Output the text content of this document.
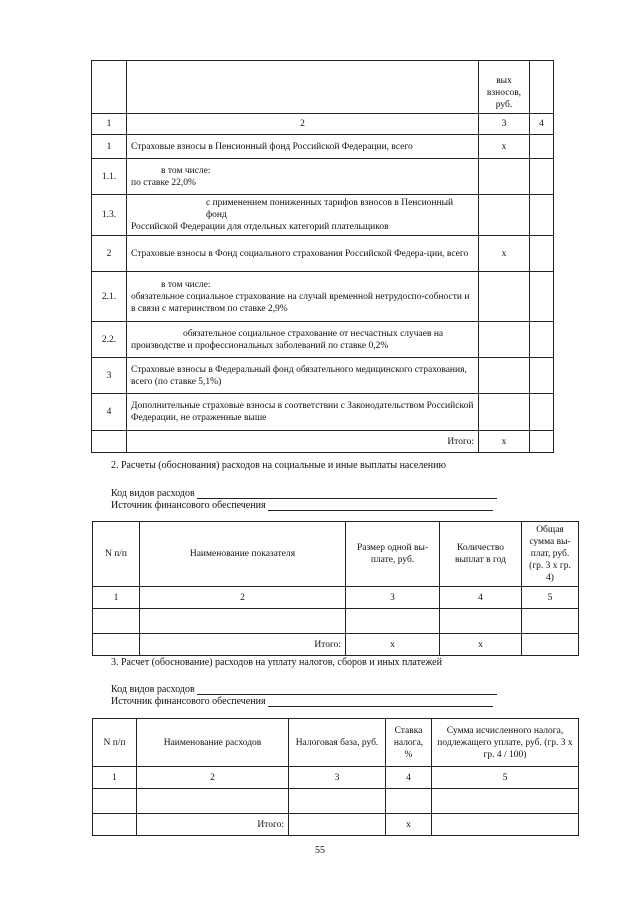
		вых
взносов,
руб.	
1	2	3	4
1	Страховые взносы в Пенсионный фонд Российской Федерации, всего	x	
1.1.	в том числе:
по ставке 22,0%		

1.3.	с применением пониженных тарифов взносов в Пенсионный фонд
Российской Федерации для отдельных категорий плательщиков		

2	Страховые взносы в Фонд социального страхования Российской Федера-ции, всего	x	
2.1.	в том числе:
обязательное социальное страхование на случай временной нетрудоспо-собности и в связи с материнством по ставке 2,9%		

2.2.	обязательное социальное страхование от несчастных случаев на
производстве и профессиональных заболеваний по ставке 0,2%		

3	Страховые взносы в Федеральный фонд обязательного медицинского страхования, всего (по ставке 5,1%)		
4	Дополнительные страховые взносы в соответствии с Законодательством Российской Федерации, не отраженные выше		
	Итого:	x	
2. Расчеты (обоснования) расходов на социальные и иные выплаты населению
Код видов расходов
Источник финансового обеспечения
N п/п	Наименование показателя	Размер одной вы-плате, руб.	Количество выплат в год	Общая сумма вы-плат, руб. (гр. 3 x гр. 4)
1	2	3	4	5

	Итого:	x	x	
3. Расчет (обоснование) расходов на уплату налогов, сборов и иных платежей
Код видов расходов
Источник финансового обеспечения
N п/п	Наименование расходов	Налоговая база, руб.	Ставка налога, %	Сумма исчисленного налога, подлежащего уплате, руб. (гр. 3 x гр. 4 / 100)
1	2	3	4	5

	Итого:		x	
55
